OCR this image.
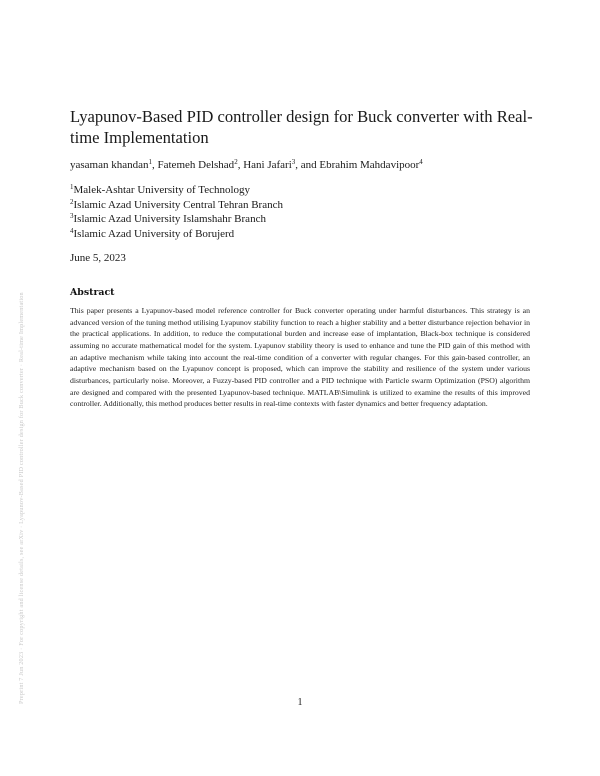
Preprint 7 Jun 2023 · For copyright and license details, see arXiv · Lyapunov-Based PID controller design for Buck converter · Real-time Implementation
Lyapunov-Based PID controller design for Buck converter with Real-time Implementation
yasaman khandan$^1$, Fatemeh Delshad$^2$, Hani Jafari$^3$, and Ebrahim Mahdavipoor$^4$
$^1$Malek-Ashtar University of Technology
$^2$Islamic Azad University Central Tehran Branch
$^3$Islamic Azad University Islamshahr Branch
$^4$Islamic Azad University of Borujerd
June 5, 2023
Abstract

This paper presents a Lyapunov-based model reference controller for Buck converter operating under harmful disturbances. This strategy is an advanced version of the tuning method utilising Lyapunov stability function to reach a higher stability and a better disturbance rejection behavior in the practical applications. In addition, to reduce the computational burden and increase ease of implantation, Black-box technique is considered assuming no accurate mathematical model for the system. Lyapunov stability theory is used to enhance and tune the PID gain of this method with an adaptive mechanism while taking into account the real-time condition of a converter with regular changes. For this gain-based controller, an adaptive mechanism based on the Lyapunov concept is proposed, which can improve the stability and resilience of the system under various disturbances, particularly noise. Moreover, a Fuzzy-based PID controller and a PID technique with Particle swarm Optimization (PSO) algorithm are designed and compared with the presented Lyapunov-based technique. MATLAB\Simulink is utilized to examine the results of this improved controller. Additionally, this method produces better results in real-time contexts with faster dynamics and better frequency adaptation.

1
